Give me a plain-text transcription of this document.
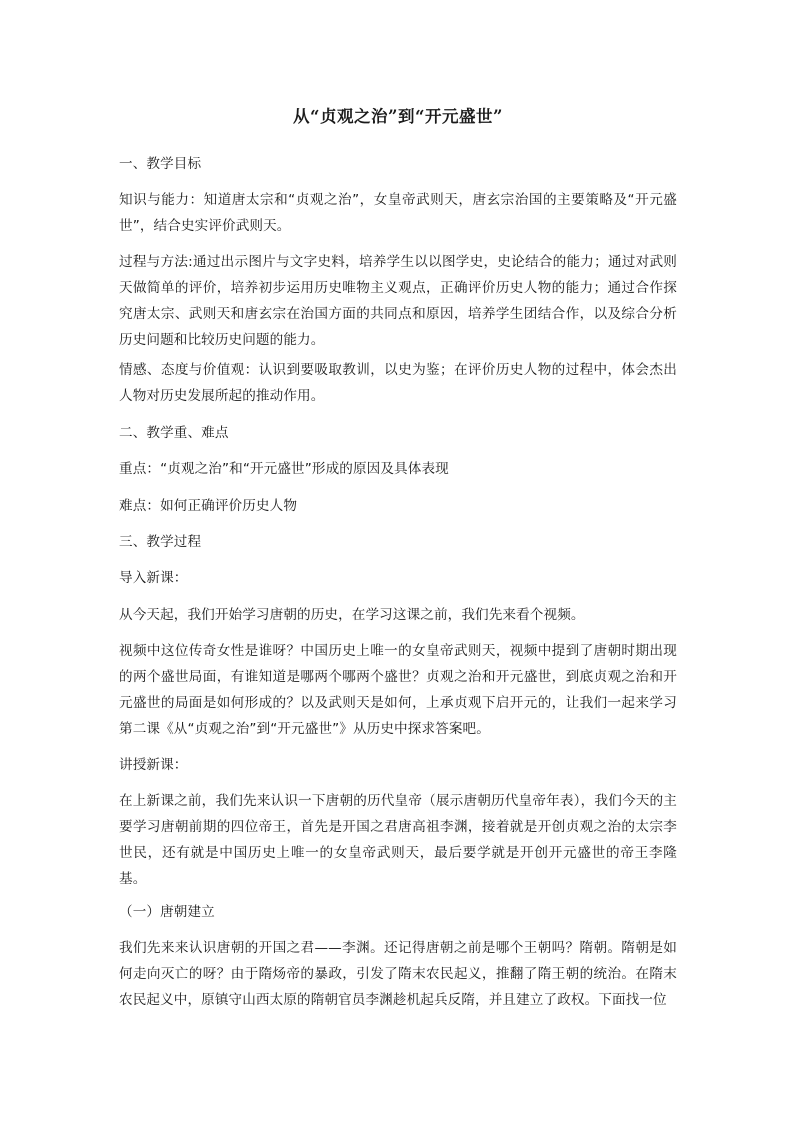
从“贞观之治”到“开元盛世”

一、教学目标

知识与能力：知道唐太宗和“贞观之治”，女皇帝武则天，唐玄宗治国的主要策略及“开元盛世”，结合史实评价武则天。

过程与方法:通过出示图片与文字史料，培养学生以以图学史，史论结合的能力；通过对武则天做简单的评价，培养初步运用历史唯物主义观点，正确评价历史人物的能力；通过合作探究唐太宗、武则天和唐玄宗在治国方面的共同点和原因，培养学生团结合作，以及综合分析历史问题和比较历史问题的能力。

情感、态度与价值观：认识到要吸取教训，以史为鉴；在评价历史人物的过程中，体会杰出人物对历史发展所起的推动作用。

二、教学重、难点

重点：“贞观之治”和“开元盛世”形成的原因及具体表现

难点：如何正确评价历史人物

三、教学过程

导入新课：

从今天起，我们开始学习唐朝的历史，在学习这课之前，我们先来看个视频。

视频中这位传奇女性是谁呀？中国历史上唯一的女皇帝武则天，视频中提到了唐朝时期出现的两个盛世局面，有谁知道是哪两个哪两个盛世？贞观之治和开元盛世，到底贞观之治和开元盛世的局面是如何形成的？以及武则天是如何，上承贞观下启开元的，让我们一起来学习第二课《从“贞观之治”到“开元盛世”》从历史中探求答案吧。

讲授新课：

在上新课之前，我们先来认识一下唐朝的历代皇帝（展示唐朝历代皇帝年表），我们今天的主要学习唐朝前期的四位帝王，首先是开国之君唐高祖李渊，接着就是开创贞观之治的太宗李世民，还有就是中国历史上唯一的女皇帝武则天，最后要学就是开创开元盛世的帝王李隆基。

（一）唐朝建立

我们先来来认识唐朝的开国之君——李渊。还记得唐朝之前是哪个王朝吗？隋朝。隋朝是如何走向灭亡的呀？由于隋炀帝的暴政，引发了隋末农民起义，推翻了隋王朝的统治。在隋末农民起义中，原镇守山西太原的隋朝官员李渊趁机起兵反隋，并且建立了政权。下面找一位
